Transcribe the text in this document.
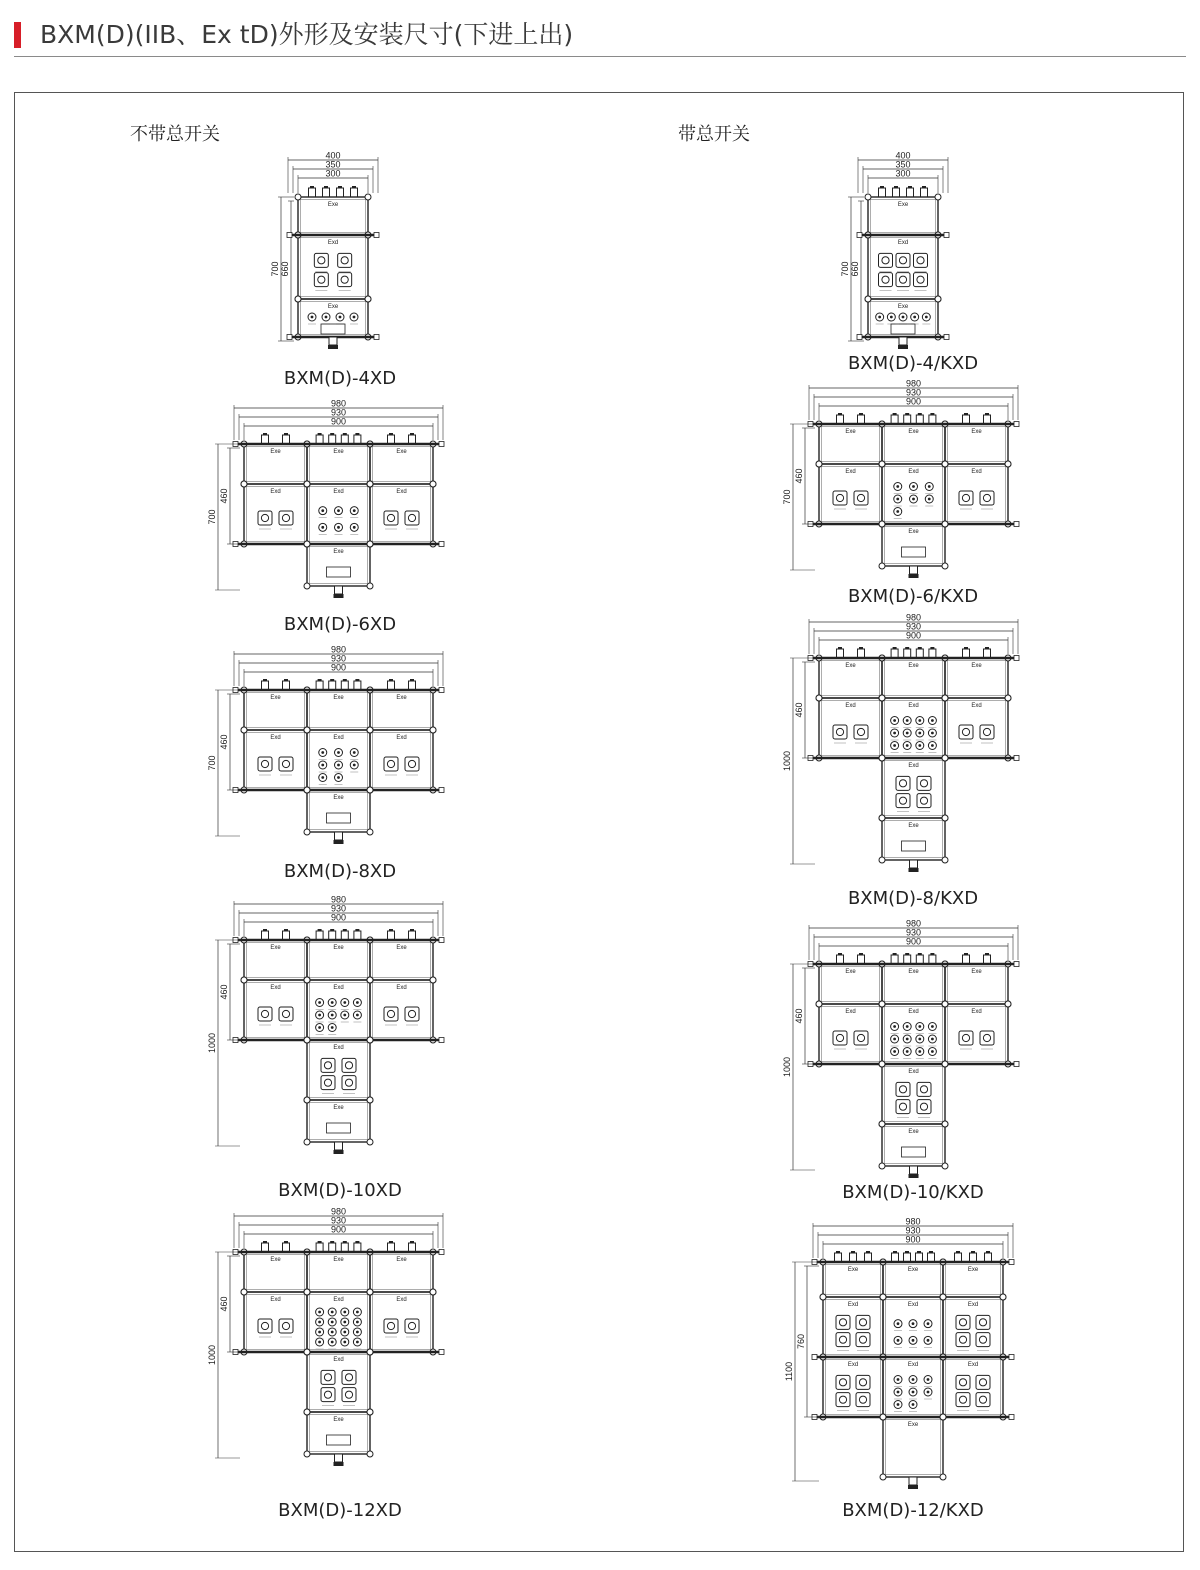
BXM(D)(IIB、Ex tD)外形及安装尺寸(下进上出)
不带总开关	带总开关
400
350
300
700 660
Exe
Exd
Exe
BXM(D)-4XD
400
350
300
700 660
Exe
Exd
Exe
BXM(D)-4/KXD
980
930
900
Exe
Exd
Exe
Exd
Exe
Exd
Exe
700
460
BXM(D)-6XD
980
930
900
Exe
Exd
Exe
Exd
Exe
Exd
Exe
700
460
BXM(D)-6/KXD
980
930
900
Exe
Exd
Exe
Exd
Exe
Exd
Exe
700
460
BXM(D)-8XD
980
930
900
Exe
Exd
Exe
Exd
Exe
Exd
Exd
Exe
1000
460
BXM(D)-8/KXD
980
930
900
Exe
Exd
Exe
Exd
Exe
Exd
Exd
Exe
1000
460
BXM(D)-10XD
980
930
900
Exe
Exd
Exe
Exd
Exe
Exd
Exd
Exe
1000
460
BXM(D)-10/KXD
980
930
900
Exe
Exd
Exe
Exd
Exe
Exd
Exd
Exe
1000
460
BXM(D)-12XD
980
930
900
Exe
Exd
Exd
Exe
Exd
Exd
Exe
Exd
Exd
Exe
1100
760
BXM(D)-12/KXD
